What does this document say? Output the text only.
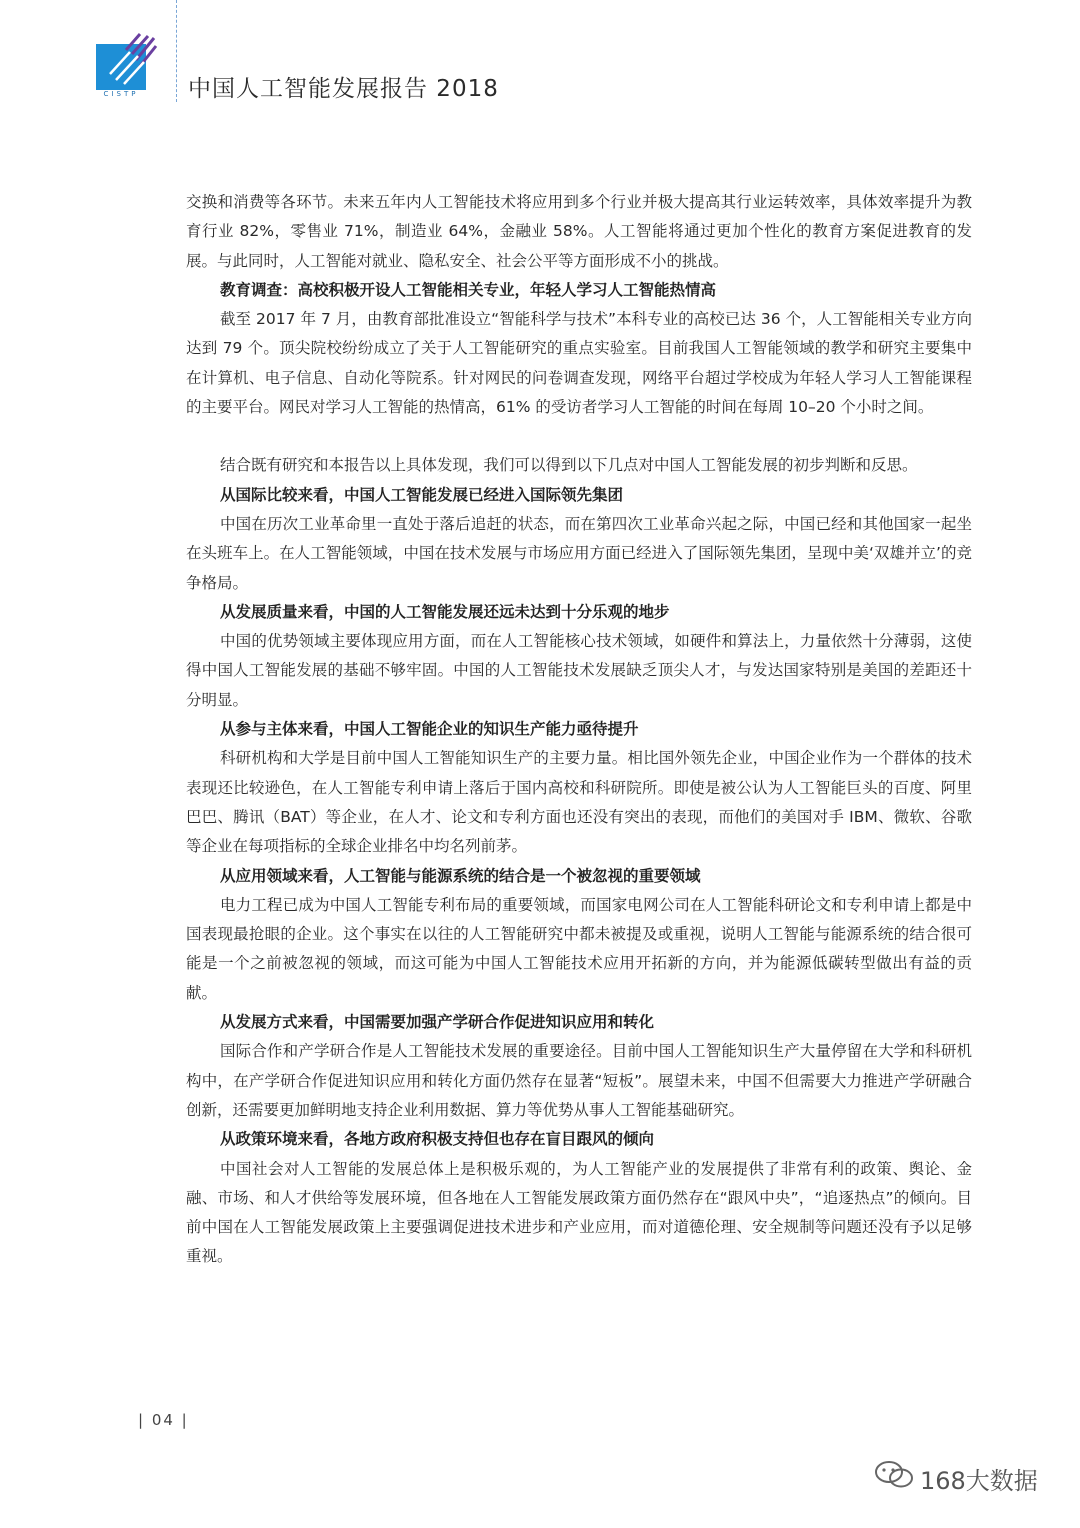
CISTP	中国人工智能发展报告 2018

交换和消费等各环节。未来五年内人工智能技术将应用到多个行业并极大提高其行业运转效率，具体效率提升为教育行业 82%，零售业 71%，制造业 64%，金融业 58%。人工智能将通过更加个性化的教育方案促进教育的发展。与此同时，人工智能对就业、隐私安全、社会公平等方面形成不小的挑战。

教育调查：高校积极开设人工智能相关专业，年轻人学习人工智能热情高

截至 2017 年 7 月，由教育部批准设立“智能科学与技术”本科专业的高校已达 36 个，人工智能相关专业方向达到 79 个。顶尖院校纷纷成立了关于人工智能研究的重点实验室。目前我国人工智能领域的教学和研究主要集中在计算机、电子信息、自动化等院系。针对网民的问卷调查发现，网络平台超过学校成为年轻人学习人工智能课程的主要平台。网民对学习人工智能的热情高，61% 的受访者学习人工智能的时间在每周 10–20 个小时之间。

结合既有研究和本报告以上具体发现，我们可以得到以下几点对中国人工智能发展的初步判断和反思。

从国际比较来看，中国人工智能发展已经进入国际领先集团

中国在历次工业革命里一直处于落后追赶的状态，而在第四次工业革命兴起之际，中国已经和其他国家一起坐在头班车上。在人工智能领域，中国在技术发展与市场应用方面已经进入了国际领先集团，呈现中美‘双雄并立’的竞争格局。

从发展质量来看，中国的人工智能发展还远未达到十分乐观的地步

中国的优势领域主要体现应用方面，而在人工智能核心技术领域，如硬件和算法上，力量依然十分薄弱，这使得中国人工智能发展的基础不够牢固。中国的人工智能技术发展缺乏顶尖人才，与发达国家特别是美国的差距还十分明显。

从参与主体来看，中国人工智能企业的知识生产能力亟待提升

科研机构和大学是目前中国人工智能知识生产的主要力量。相比国外领先企业，中国企业作为一个群体的技术表现还比较逊色，在人工智能专利申请上落后于国内高校和科研院所。即使是被公认为人工智能巨头的百度、阿里巴巴、腾讯（BAT）等企业，在人才、论文和专利方面也还没有突出的表现，而他们的美国对手 IBM、微软、谷歌等企业在每项指标的全球企业排名中均名列前茅。

从应用领域来看，人工智能与能源系统的结合是一个被忽视的重要领域

电力工程已成为中国人工智能专利布局的重要领域，而国家电网公司在人工智能科研论文和专利申请上都是中国表现最抢眼的企业。这个事实在以往的人工智能研究中都未被提及或重视，说明人工智能与能源系统的结合很可能是一个之前被忽视的领域，而这可能为中国人工智能技术应用开拓新的方向，并为能源低碳转型做出有益的贡献。

从发展方式来看，中国需要加强产学研合作促进知识应用和转化

国际合作和产学研合作是人工智能技术发展的重要途径。目前中国人工智能知识生产大量停留在大学和科研机构中，在产学研合作促进知识应用和转化方面仍然存在显著“短板”。展望未来，中国不但需要大力推进产学研融合创新，还需要更加鲜明地支持企业利用数据、算力等优势从事人工智能基础研究。

从政策环境来看，各地方政府积极支持但也存在盲目跟风的倾向

中国社会对人工智能的发展总体上是积极乐观的，为人工智能产业的发展提供了非常有利的政策、舆论、金融、市场、和人才供给等发展环境，但各地在人工智能发展政策方面仍然存在“跟风中央”，“追逐热点”的倾向。目前中国在人工智能发展政策上主要强调促进技术进步和产业应用，而对道德伦理、安全规制等问题还没有予以足够重视。

| 04 |
168大数据
